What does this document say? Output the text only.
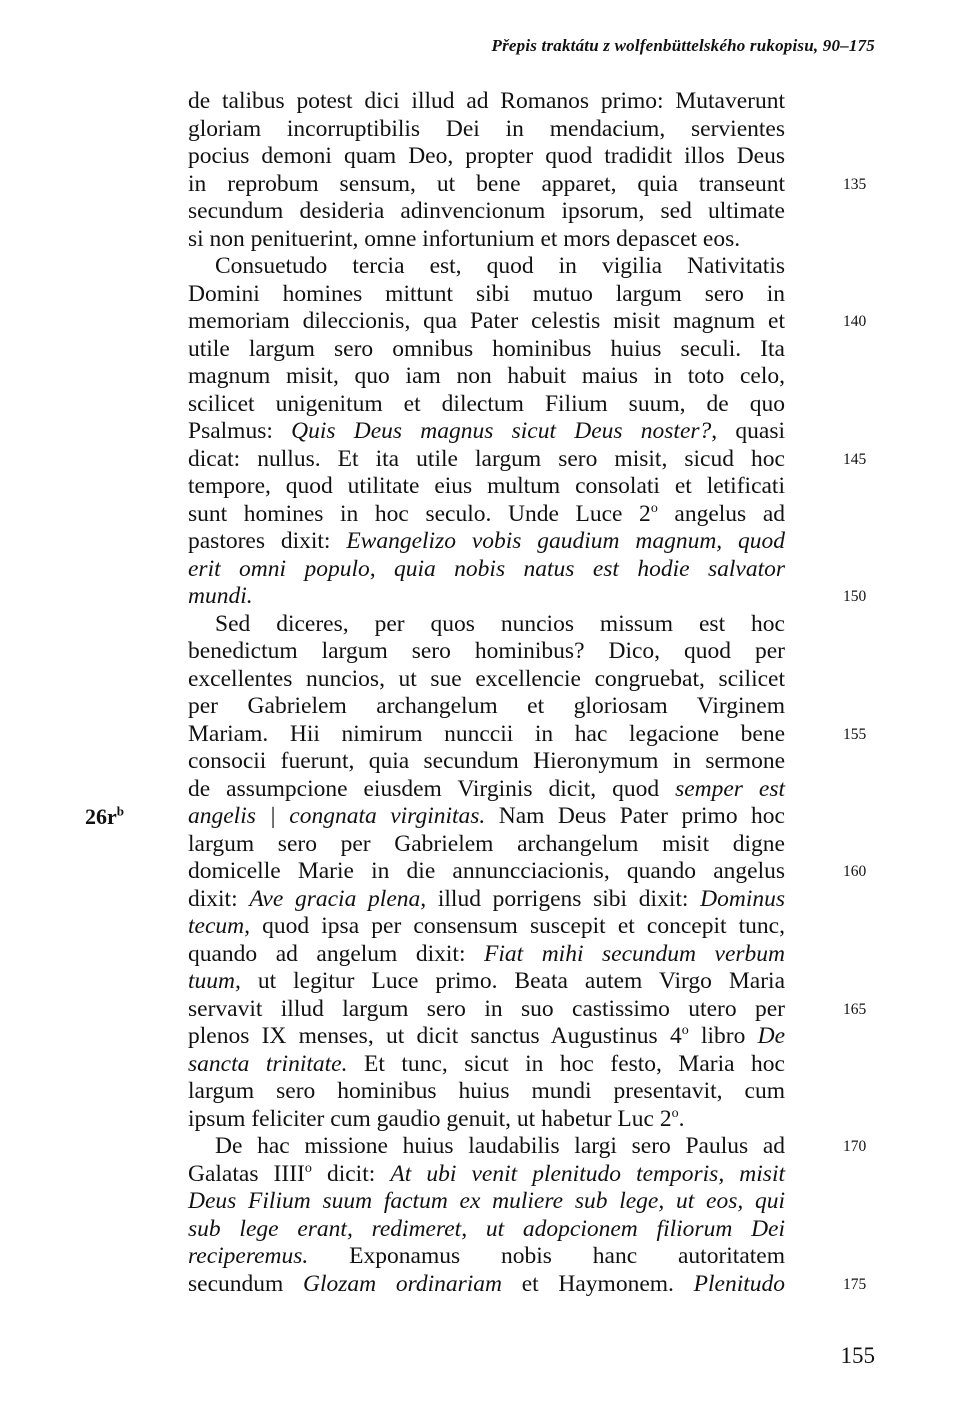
Přepis traktátu z wolfenbüttelského rukopisu, 90–175
de talibus potest dici illud ad Romanos primo: Mutaverunt
gloriam incorruptibilis Dei in mendacium, servientes
pocius demoni quam Deo, propter quod tradidit illos Deus
in reprobum sensum, ut bene apparet, quia transeunt	135
secundum desideria adinvencionum ipsorum, sed ultimate
si non penituerint, omne infortunium et mors depascet eos.
Consuetudo tercia est, quod in vigilia Nativitatis
Domini homines mittunt sibi mutuo largum sero in
memoriam dileccionis, qua Pater celestis misit magnum et	140
utile largum sero omnibus hominibus huius seculi. Ita
magnum misit, quo iam non habuit maius in toto celo,
scilicet unigenitum et dilectum Filium suum, de quo
Psalmus: Quis Deus magnus sicut Deus noster?, quasi
dicat: nullus. Et ita utile largum sero misit, sicud hoc	145
tempore, quod utilitate eius multum consolati et letificati
sunt homines in hoc seculo. Unde Luce 2$^o$ angelus ad
pastores dixit: Ewangelizo vobis gaudium magnum, quod
erit omni populo, quia nobis natus est hodie salvator
mundi.	150
Sed diceres, per quos nuncios missum est hoc
benedictum largum sero hominibus? Dico, quod per
excellentes nuncios, ut sue excellencie congruebat, scilicet
per Gabrielem archangelum et gloriosam Virginem
Mariam. Hii nimirum nunccii in hac legacione bene	155
consocii fuerunt, quia secundum Hieronymum in sermone
de assumpcione eiusdem Virginis dicit, quod semper est
$26r^b$	angelis | congnata virginitas. Nam Deus Pater primo hoc
largum sero per Gabrielem archangelum misit digne
domicelle Marie in die annuncciacionis, quando angelus	160
dixit: Ave gracia plena, illud porrigens sibi dixit: Dominus
tecum, quod ipsa per consensum suscepit et concepit tunc,
quando ad angelum dixit: Fiat mihi secundum verbum
tuum, ut legitur Luce primo. Beata autem Virgo Maria
servavit illud largum sero in suo castissimo utero per	165
plenos IX menses, ut dicit sanctus Augustinus 4$^o$ libro De
sancta trinitate. Et tunc, sicut in hoc festo, Maria hoc
largum sero hominibus huius mundi presentavit, cum
ipsum feliciter cum gaudio genuit, ut habetur Luc 2$^o$.
De hac missione huius laudabilis largi sero Paulus ad	170
Galatas IIII$^o$ dicit: At ubi venit plenitudo temporis, misit
Deus Filium suum factum ex muliere sub lege, ut eos, qui
sub lege erant, redimeret, ut adopcionem filiorum Dei
reciperemus. Exponamus nobis hanc autoritatem
secundum Glozam ordinariam et Haymonem. Plenitudo	175
155
